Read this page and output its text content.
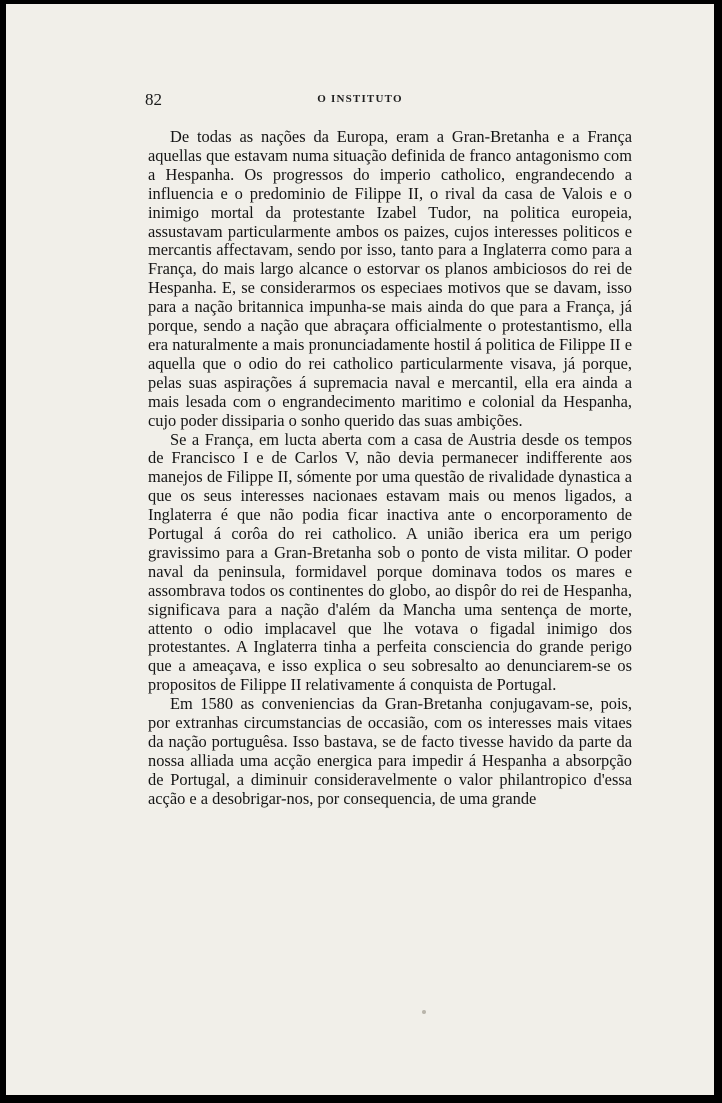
82	O INSTITUTO

De todas as nações da Europa, eram a Gran-Bretanha e a França aquellas que estavam numa situação definida de franco antagonismo com a Hespanha. Os progressos do imperio catholico, engrandecendo a influencia e o predominio de Filippe II, o rival da casa de Valois e o inimigo mortal da protestante Izabel Tudor, na politica europeia, assustavam particularmente ambos os paizes, cujos interesses politicos e mercantis affectavam, sendo por isso, tanto para a Inglaterra como para a França, do mais largo alcance o estorvar os planos ambiciosos do rei de Hespanha. E, se considerarmos os especiaes motivos que se davam, isso para a nação britannica impunha-se mais ainda do que para a França, já porque, sendo a nação que abraçara officialmente o protestantismo, ella era naturalmente a mais pronunciadamente hostil á politica de Filippe II e aquella que o odio do rei catholico particularmente visava, já porque, pelas suas aspirações á supremacia naval e mercantil, ella era ainda a mais lesada com o engrandecimento maritimo e colonial da Hespanha, cujo poder dissiparia o sonho querido das suas ambições.

Se a França, em lucta aberta com a casa de Austria desde os tempos de Francisco I e de Carlos V, não devia permanecer indifferente aos manejos de Filippe II, sómente por uma questão de rivalidade dynastica a que os seus interesses nacionaes estavam mais ou menos ligados, a Inglaterra é que não podia ficar inactiva ante o encorporamento de Portugal á corôa do rei catholico. A união iberica era um perigo gravissimo para a Gran-Bretanha sob o ponto de vista militar. O poder naval da peninsula, formidavel porque dominava todos os mares e assombrava todos os continentes do globo, ao dispôr do rei de Hespanha, significava para a nação d'além da Mancha uma sentença de morte, attento o odio implacavel que lhe votava o figadal inimigo dos protestantes. A Inglaterra tinha a perfeita consciencia do grande perigo que a ameaçava, e isso explica o seu sobresalto ao denunciarem-se os propositos de Filippe II relativamente á conquista de Portugal.

Em 1580 as conveniencias da Gran-Bretanha conjugavam-se, pois, por extranhas circumstancias de occasião, com os interesses mais vitaes da nação portuguêsa. Isso bastava, se de facto tivesse havido da parte da nossa alliada uma acção energica para impedir á Hespanha a absorpção de Portugal, a diminuir consideravelmente o valor philantropico d'essa acção e a desobrigar-nos, por consequencia, de uma grande
